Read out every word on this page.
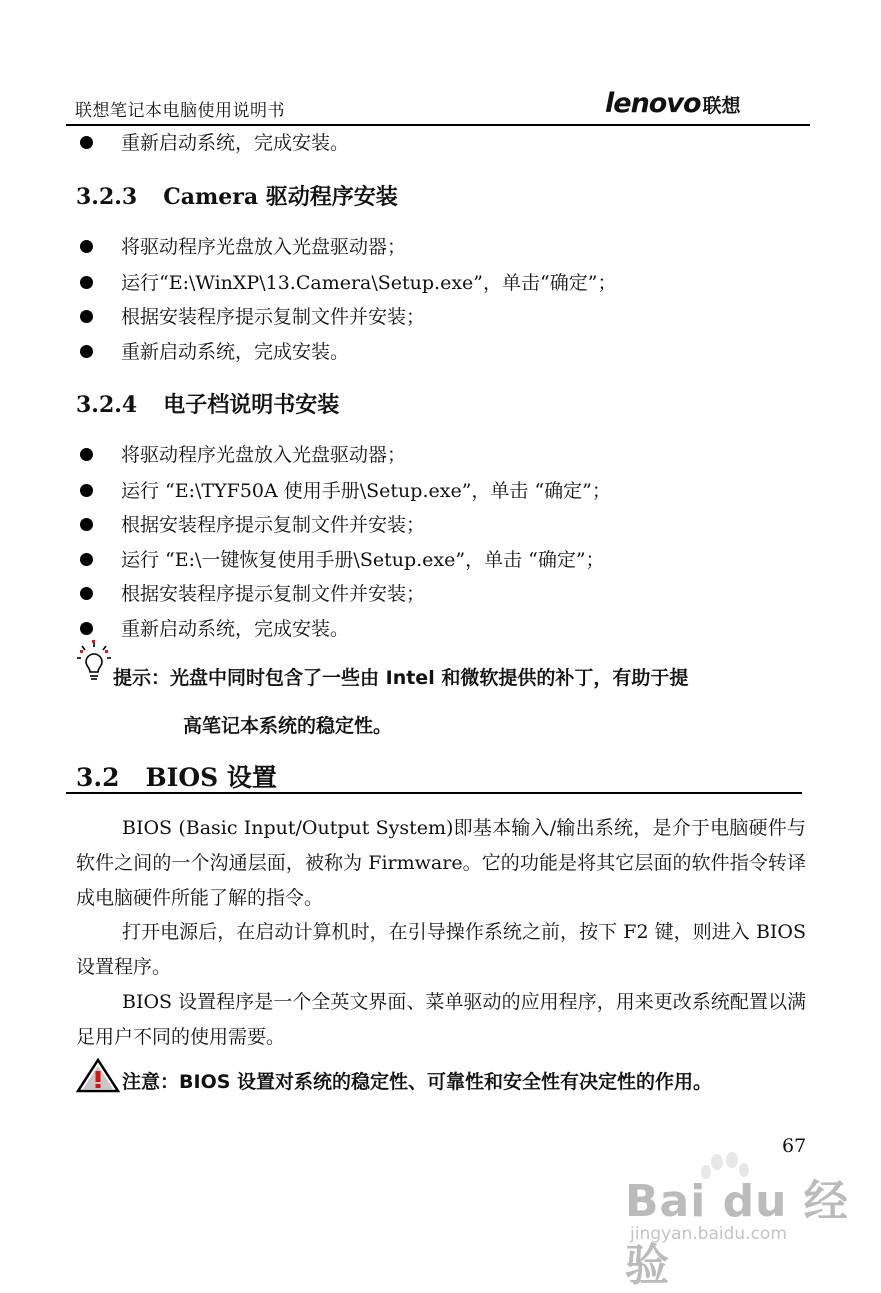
联想笔记本电脑使用说明书	lenovo 联想
重新启动系统，完成安装。
3.2.3 Camera 驱动程序安装
将驱动程序光盘放入光盘驱动器；
运行“E:\WinXP\13.Camera\Setup.exe”，单击“确定”；
根据安装程序提示复制文件并安装；
重新启动系统，完成安装。
3.2.4 电子档说明书安装
将驱动程序光盘放入光盘驱动器；
运行 “E:\TYF50A 使用手册\Setup.exe”，单击 “确定”；
根据安装程序提示复制文件并安装；
运行 “E:\一键恢复使用手册\Setup.exe”，单击 “确定”；
根据安装程序提示复制文件并安装；
重新启动系统，完成安装。
提示：光盘中同时包含了一些由 Intel 和微软提供的补丁，有助于提
高笔记本系统的稳定性。
3.2 BIOS 设置
BIOS (Basic Input/Output System)即基本输入/输出系统，是介于电脑硬件与软件之间的一个沟通层面，被称为 Firmware。它的功能是将其它层面的软件指令转译成电脑硬件所能了解的指令。
打开电源后，在启动计算机时，在引导操作系统之前，按下 F2 键，则进入 BIOS 设置程序。
BIOS 设置程序是一个全英文界面、菜单驱动的应用程序，用来更改系统配置以满足用户不同的使用需要。
注意：BIOS 设置对系统的稳定性、可靠性和安全性有决定性的作用。
67
Bai du 经验
jingyan.baidu.com
